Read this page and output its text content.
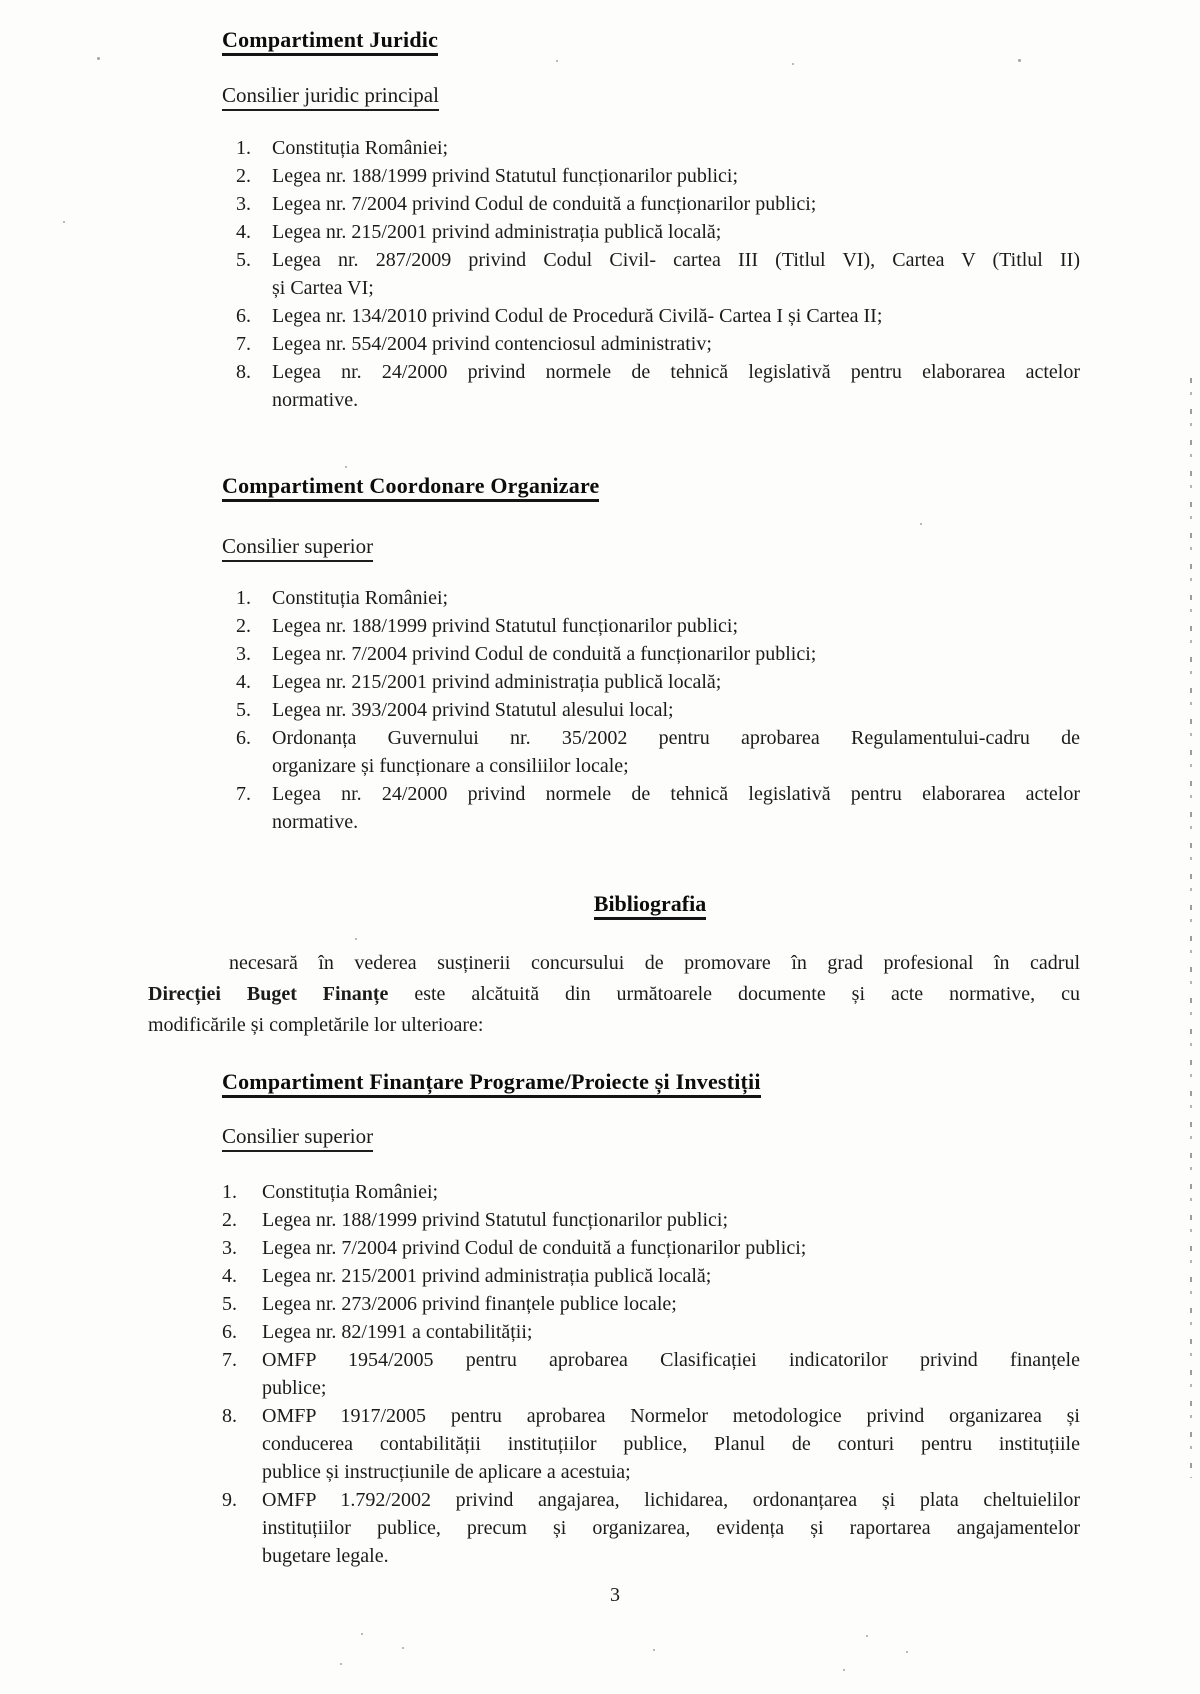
Compartiment Juridic
Consilier juridic principal
1. Constituția României;
2. Legea nr. 188/1999 privind Statutul funcționarilor publici;
3. Legea nr. 7/2004 privind Codul de conduită a funcționarilor publici;
4. Legea nr. 215/2001 privind administrația publică locală;
5. Legea nr. 287/2009 privind Codul Civil- cartea III (Titlul VI), Cartea V (Titlul II)
și Cartea VI;
6. Legea nr. 134/2010 privind Codul de Procedură Civilă- Cartea I și Cartea II;
7. Legea nr. 554/2004 privind contenciosul administrativ;
8. Legea nr. 24/2000 privind normele de tehnică legislativă pentru elaborarea actelor
normative.
Compartiment Coordonare Organizare
Consilier superior
1. Constituția României;
2. Legea nr. 188/1999 privind Statutul funcționarilor publici;
3. Legea nr. 7/2004 privind Codul de conduită a funcționarilor publici;
4. Legea nr. 215/2001 privind administrația publică locală;
5. Legea nr. 393/2004 privind Statutul alesului local;
6. Ordonanța Guvernului nr. 35/2002 pentru aprobarea Regulamentului-cadru de
organizare și funcționare a consiliilor locale;
7. Legea nr. 24/2000 privind normele de tehnică legislativă pentru elaborarea actelor
normative.
Bibliografia
necesară în vederea susținerii concursului de promovare în grad profesional în cadrul
Direcției Buget Finanțe este alcătuită din următoarele documente și acte normative, cu
modificările și completările lor ulterioare:
Compartiment Finanțare Programe/Proiecte și Investiții
Consilier superior
1. Constituția României;
2. Legea nr. 188/1999 privind Statutul funcționarilor publici;
3. Legea nr. 7/2004 privind Codul de conduită a funcționarilor publici;
4. Legea nr. 215/2001 privind administrația publică locală;
5. Legea nr. 273/2006 privind finanțele publice locale;
6. Legea nr. 82/1991 a contabilității;
7. OMFP 1954/2005 pentru aprobarea Clasificației indicatorilor privind finanțele
publice;
8. OMFP 1917/2005 pentru aprobarea Normelor metodologice privind organizarea și
conducerea contabilității instituțiilor publice, Planul de conturi pentru instituțiile
publice și instrucțiunile de aplicare a acestuia;
9. OMFP 1.792/2002 privind angajarea, lichidarea, ordonanțarea și plata cheltuielilor
instituțiilor publice, precum și organizarea, evidența și raportarea angajamentelor
bugetare legale.
3
